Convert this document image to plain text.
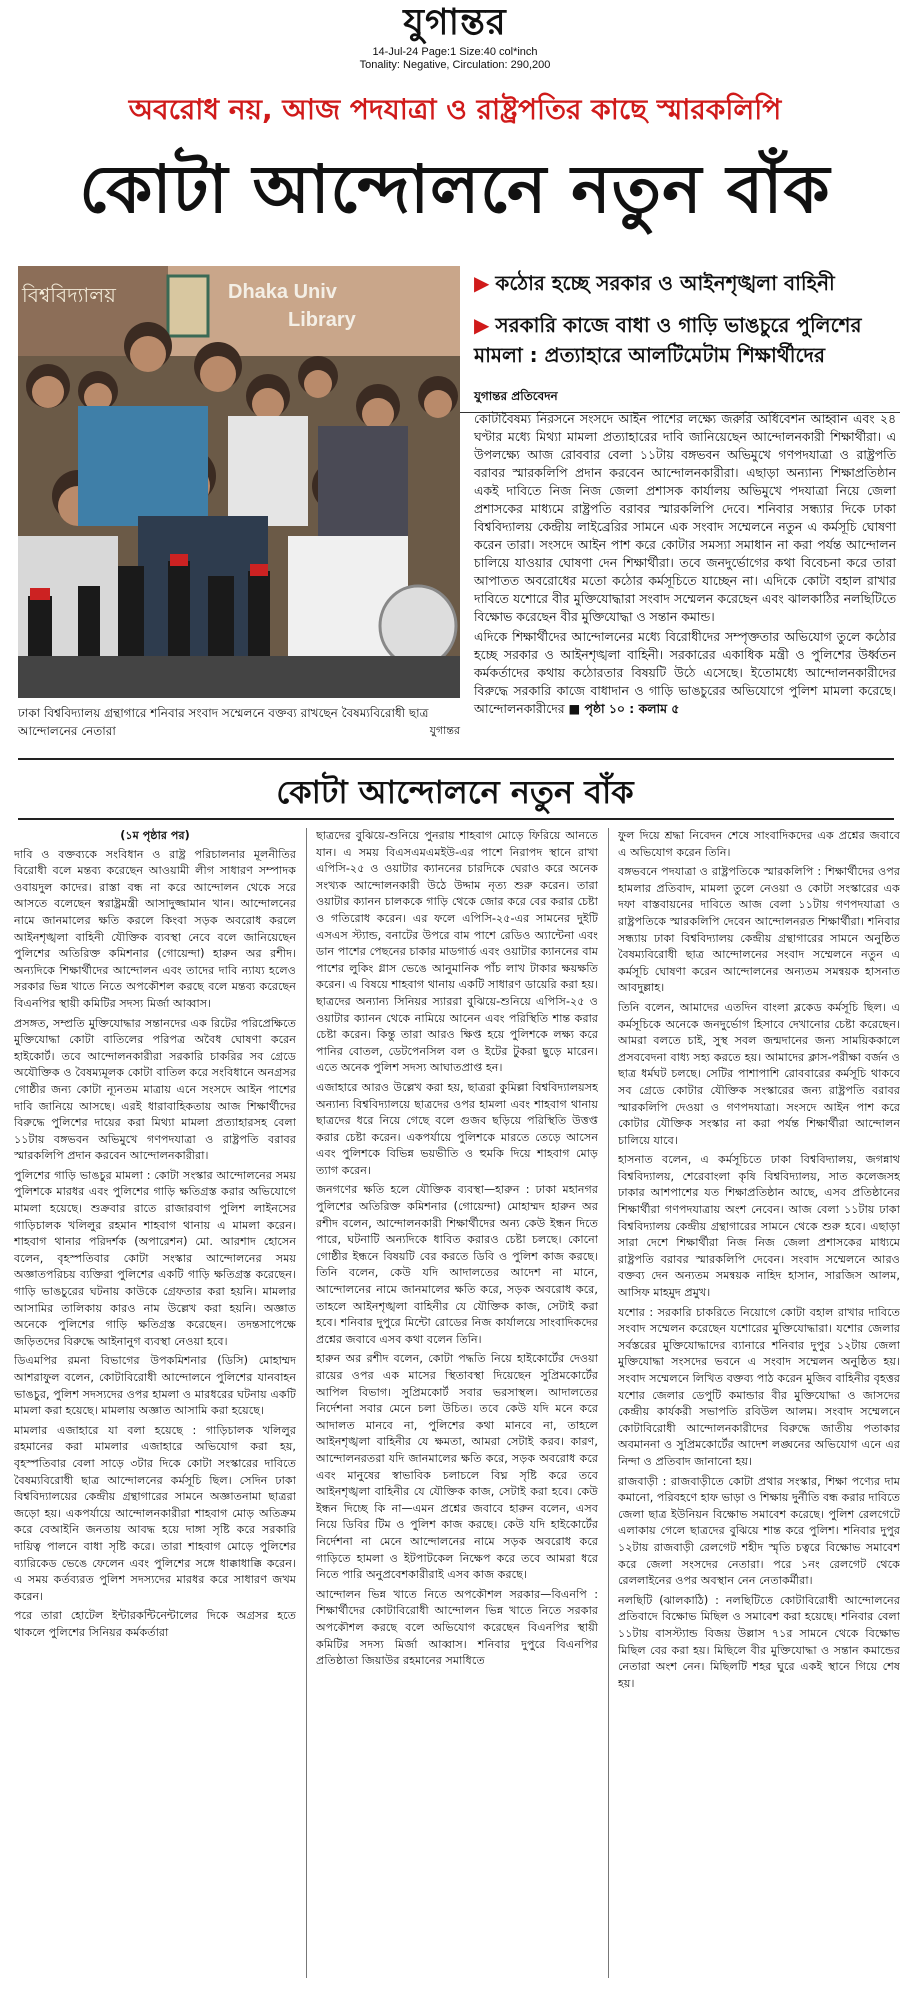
যুগান্তর
14-Jul-24 Page:1 Size:40 col*inch
Tonality: Negative, Circulation: 290,200
অবরোধ নয়, আজ পদযাত্রা ও রাষ্ট্রপতির কাছে স্মারকলিপি
কোটা আন্দোলনে নতুন বাঁক
বিশ্ববিদ্যালয়	Dhaka Univ
Library
ঢাকা বিশ্ববিদ্যালয় গ্রন্থাগারে শনিবার সংবাদ সম্মেলনে বক্তব্য রাখছেন বৈষম্যবিরোধী ছাত্র আন্দোলনের নেতারা	যুগান্তর
▶ কঠোর হচ্ছে সরকার ও আইনশৃঙ্খলা বাহিনী
▶ সরকারি কাজে বাধা ও গাড়ি ভাঙচুরে পুলিশের মামলা : প্রত্যাহারে আলটিমেটাম শিক্ষার্থীদের
যুগান্তর প্রতিবেদন

কোটাবৈষম্য নিরসনে সংসদে আইন পাশের লক্ষ্যে জরুরি অধিবেশন আহ্বান এবং ২৪ ঘণ্টার মধ্যে মিথ্যা মামলা প্রত্যাহারের দাবি জানিয়েছেন আন্দোলনকারী শিক্ষার্থীরা। এ উপলক্ষ্যে আজ রোববার বেলা ১১টায় বঙ্গভবন অভিমুখে গণপদযাত্রা ও রাষ্ট্রপতি বরাবর স্মারকলিপি প্রদান করবেন আন্দোলনকারীরা। এছাড়া অন্যান্য শিক্ষাপ্রতিষ্ঠান একই দাবিতে নিজ নিজ জেলা প্রশাসক কার্যালয় অভিমুখে পদযাত্রা নিয়ে জেলা প্রশাসকের মাধ্যমে রাষ্ট্রপতি বরাবর স্মারকলিপি দেবে। শনিবার সন্ধ্যার দিকে ঢাকা বিশ্ববিদ্যালয় কেন্দ্রীয় লাইব্রেরির সামনে এক সংবাদ সম্মেলনে নতুন এ কর্মসূচি ঘোষণা করেন তারা। সংসদে আইন পাশ করে কোটার সমস্যা সমাধান না করা পর্যন্ত আন্দোলন চালিয়ে যাওয়ার ঘোষণা দেন শিক্ষার্থীরা। তবে জনদুর্ভোগের কথা বিবেচনা করে তারা আপাতত অবরোধের মতো কঠোর কর্মসূচিতে যাচ্ছেন না। এদিকে কোটা বহাল রাখার দাবিতে যশোরে বীর মুক্তিযোদ্ধারা সংবাদ সম্মেলন করেছেন এবং ঝালকাঠির নলছিটিতে বিক্ষোভ করেছেন বীর মুক্তিযোদ্ধা ও সন্তান কমান্ড।

এদিকে শিক্ষার্থীদের আন্দোলনের মধ্যে বিরোধীদের সম্পৃক্ততার অভিযোগ তুলে কঠোর হচ্ছে সরকার ও আইনশৃঙ্খলা বাহিনী। সরকারের একাধিক মন্ত্রী ও পুলিশের উর্ধ্বতন কর্মকর্তাদের কথায় কঠোরতার বিষয়টি উঠে এসেছে। ইতোমধ্যে আন্দোলনকারীদের বিরুদ্ধে সরকারি কাজে বাধাদান ও গাড়ি ভাঙচুরের অভিযোগে পুলিশ মামলা করেছে। আন্দোলনকারীদের ■ পৃষ্ঠা ১০ : কলাম ৫

কোটা আন্দোলনে নতুন বাঁক
(১ম পৃষ্ঠার পর)

দাবি ও বক্তব্যকে সংবিধান ও রাষ্ট্র পরিচালনার মূলনীতির বিরোধী বলে মন্তব্য করেছেন আওয়ামী লীগ সাধারণ সম্পাদক ওবায়দুল কাদের। রাস্তা বন্ধ না করে আন্দোলন থেকে সরে আসতে বলেছেন স্বরাষ্ট্রমন্ত্রী আসাদুজ্জামান খান। আন্দোলনের নামে জানমালের ক্ষতি করলে কিংবা সড়ক অবরোধ করলে আইনশৃঙ্খলা বাহিনী যৌক্তিক ব্যবস্থা নেবে বলে জানিয়েছেন পুলিশের অতিরিক্ত কমিশনার (গোয়েন্দা) হারুন অর রশীদ। অন্যদিকে শিক্ষার্থীদের আন্দোলন এবং তাদের দাবি ন্যায্য হলেও সরকার ভিন্ন খাতে নিতে অপকৌশল করছে বলে মন্তব্য করেছেন বিএনপির স্থায়ী কমিটির সদস্য মির্জা আব্বাস।

প্রসঙ্গত, সম্প্রতি মুক্তিযোদ্ধার সন্তানদের এক রিটের পরিপ্রেক্ষিতে মুক্তিযোদ্ধা কোটা বাতিলের পরিপত্র অবৈধ ঘোষণা করেন হাইকোর্ট। তবে আন্দোলনকারীরা সরকারি চাকরির সব গ্রেডে অযৌক্তিক ও বৈষম্যমূলক কোটা বাতিল করে সংবিধানে অনগ্রসর গোষ্ঠীর জন্য কোটা ন্যূনতম মাত্রায় এনে সংসদে আইন পাশের দাবি জানিয়ে আসছে। এরই ধারাবাহিকতায় আজ শিক্ষার্থীদের বিরুদ্ধে পুলিশের দায়ের করা মিথ্যা মামলা প্রত্যাহারসহ বেলা ১১টায় বঙ্গভবন অভিমুখে গণপদযাত্রা ও রাষ্ট্রপতি বরাবর স্মারকলিপি প্রদান করবেন আন্দোলনকারীরা।

পুলিশের গাড়ি ভাঙচুর মামলা : কোটা সংস্কার আন্দোলনের সময় পুলিশকে মারধর এবং পুলিশের গাড়ি ক্ষতিগ্রস্ত করার অভিযোগে মামলা হয়েছে। শুক্রবার রাতে রাজারবাগ পুলিশ লাইনসের গাড়িচালক খলিলুর রহমান শাহবাগ থানায় এ মামলা করেন। শাহবাগ থানার পরিদর্শক (অপারেশন) মো. আরশাদ হোসেন বলেন, বৃহস্পতিবার কোটা সংস্কার আন্দোলনের সময় অজ্ঞাতপরিচয় ব্যক্তিরা পুলিশের একটি গাড়ি ক্ষতিগ্রস্ত করেছেন। গাড়ি ভাঙচুরের ঘটনায় কাউকে গ্রেফতার করা হয়নি। মামলার আসামির তালিকায় কারও নাম উল্লেখ করা হয়নি। অজ্ঞাত অনেকে পুলিশের গাড়ি ক্ষতিগ্রস্ত করেছেন। তদন্তসাপেক্ষে জড়িতদের বিরুদ্ধে আইনানুগ ব্যবস্থা নেওয়া হবে।

ডিএমপির রমনা বিভাগের উপকমিশনার (ডিসি) মোহাম্মদ আশরাফুল বলেন, কোটাবিরোধী আন্দোলনে পুলিশের যানবাহন ভাঙচুর, পুলিশ সদস্যদের ওপর হামলা ও মারধরের ঘটনায় একটি মামলা করা হয়েছে। মামলায় অজ্ঞাত আসামি করা হয়েছে।

মামলার এজাহারে যা বলা হয়েছে : গাড়িচালক খলিলুর রহমানের করা মামলার এজাহারে অভিযোগ করা হয়, বৃহস্পতিবার বেলা সাড়ে ৩টার দিকে কোটা সংস্কারের দাবিতে বৈষম্যবিরোধী ছাত্র আন্দোলনের কর্মসূচি ছিল। সেদিন ঢাকা বিশ্ববিদ্যালয়ের কেন্দ্রীয় গ্রন্থাগারের সামনে অজ্ঞাতনামা ছাত্ররা জড়ো হয়। একপর্যায়ে আন্দোলনকারীরা শাহবাগ মোড় অতিক্রম করে বেআইনি জনতায় আবদ্ধ হয়ে দাঙ্গা সৃষ্টি করে সরকারি দায়িত্ব পালনে বাধা সৃষ্টি করে। তারা শাহবাগ মোড়ে পুলিশের ব্যারিকেড ভেঙে ফেলেন এবং পুলিশের সঙ্গে ধাক্কাধাক্কি করেন। এ সময় কর্তব্যরত পুলিশ সদস্যদের মারধর করে সাধারণ জখম করেন।

পরে তারা হোটেল ইন্টারকন্টিনেন্টালের দিকে অগ্রসর হতে থাকলে পুলিশের সিনিয়র কর্মকর্তারা

ছাত্রদের বুঝিয়ে-শুনিয়ে পুনরায় শাহবাগ মোড়ে ফিরিয়ে আনতে যান। এ সময় বিএসএমএমইউ-এর পাশে নিরাপদ স্থানে রাখা এপিসি-২৫ ও ওয়াটার ক্যাননের চারদিকে ঘেরাও করে অনেক সংখ্যক আন্দোলনকারী উঠে উদ্দাম নৃত্য শুরু করেন। তারা ওয়াটার ক্যানন চালককে গাড়ি থেকে জোর করে বের করার চেষ্টা ও গতিরোধ করেন। এর ফলে এপিসি-২৫-এর সামনের দুইটি এসএস স্ট্যান্ড, বনাটের উপরে বাম পাশে রেডিও অ্যান্টেনা এবং ডান পাশের পেছনের চাকার মাডগার্ড এবং ওয়াটার ক্যাননের বাম পাশের লুকিং গ্লাস ভেঙে আনুমানিক পাঁচ লাখ টাকার ক্ষয়ক্ষতি করেন। এ বিষয়ে শাহবাগ থানায় একটি সাধারণ ডায়েরি করা হয়। ছাত্রদের অন্যান্য সিনিয়র স্যাররা বুঝিয়ে-শুনিয়ে এপিসি-২৫ ও ওয়াটার ক্যানন থেকে নামিয়ে আনেন এবং পরিস্থিতি শান্ত করার চেষ্টা করেন। কিন্তু তারা আরও ক্ষিপ্ত হয়ে পুলিশকে লক্ষ্য করে পানির বোতল, ডেটপেনসিল বল ও ইটের টুকরা ছুড়ে মারেন। এতে অনেক পুলিশ সদস্য আঘাতপ্রাপ্ত হন।

এজাহারে আরও উল্লেখ করা হয়, ছাত্ররা কুমিল্লা বিশ্ববিদ্যালয়সহ অন্যান্য বিশ্ববিদ্যালয়ে ছাত্রদের ওপর হামলা এবং শাহবাগ থানায় ছাত্রদের ধরে নিয়ে গেছে বলে গুজব ছড়িয়ে পরিস্থিতি উত্তপ্ত করার চেষ্টা করেন। একপর্যায়ে পুলিশকে মারতে তেড়ে আসেন এবং পুলিশকে বিভিন্ন ভয়ভীতি ও হুমকি দিয়ে শাহবাগ মোড় ত্যাগ করেন।

জনগণের ক্ষতি হলে যৌক্তিক ব্যবস্থা—হারুন : ঢাকা মহানগর পুলিশের অতিরিক্ত কমিশনার (গোয়েন্দা) মোহাম্মদ হারুন অর রশীদ বলেন, আন্দোলনকারী শিক্ষার্থীদের অন্য কেউ ইন্ধন দিতে পারে, ঘটনাটি অন্যদিকে ধাবিত করারও চেষ্টা চলছে। কোনো গোষ্ঠীর ইন্ধনে বিষয়টি বের করতে ডিবি ও পুলিশ কাজ করছে। তিনি বলেন, কেউ যদি আদালতের আদেশ না মানে, আন্দোলনের নামে জানমালের ক্ষতি করে, সড়ক অবরোধ করে, তাহলে আইনশৃঙ্খলা বাহিনীর যে যৌক্তিক কাজ, সেটাই করা হবে। শনিবার দুপুরে মিন্টো রোডের নিজ কার্যালয়ে সাংবাদিকদের প্রশ্নের জবাবে এসব কথা বলেন তিনি।

হারুন অর রশীদ বলেন, কোটা পদ্ধতি নিয়ে হাইকোর্টের দেওয়া রায়ের ওপর এক মাসের স্থিতাবস্থা দিয়েছেন সুপ্রিমকোর্টের আপিল বিভাগ। সুপ্রিমকোর্ট সবার ভরসাস্থল। আদালতের নির্দেশনা সবার মেনে চলা উচিত। তবে কেউ যদি মনে করে আদালত মানবে না, পুলিশের কথা মানবে না, তাহলে আইনশৃঙ্খলা বাহিনীর যে ক্ষমতা, আমরা সেটাই করব। কারণ, আন্দোলনরতরা যদি জানমালের ক্ষতি করে, সড়ক অবরোধ করে এবং মানুষের স্বাভাবিক চলাচলে বিঘ্ন সৃষ্টি করে তবে আইনশৃঙ্খলা বাহিনীর যে যৌক্তিক কাজ, সেটাই করা হবে। কেউ ইন্ধন দিচ্ছে কি না—এমন প্রশ্নের জবাবে হারুন বলেন, এসব নিয়ে ডিবির টিম ও পুলিশ কাজ করছে। কেউ যদি হাইকোর্টের নির্দেশনা না মেনে আন্দোলনের নামে সড়ক অবরোধ করে গাড়িতে হামলা ও ইটপাটকেল নিক্ষেপ করে তবে আমরা ধরে নিতে পারি অনুপ্রবেশকারীরাই এসব কাজ করছে।

আন্দোলন ভিন্ন খাতে নিতে অপকৌশল সরকার—বিএনপি : শিক্ষার্থীদের কোটাবিরোধী আন্দোলন ভিন্ন খাতে নিতে সরকার অপকৌশল করছে বলে অভিযোগ করেছেন বিএনপির স্থায়ী কমিটির সদস্য মির্জা আব্বাস। শনিবার দুপুরে বিএনপির প্রতিষ্ঠাতা জিয়াউর রহমানের সমাধিতে

ফুল দিয়ে শ্রদ্ধা নিবেদন শেষে সাংবাদিকদের এক প্রশ্নের জবাবে এ অভিযোগ করেন তিনি।

বঙ্গভবনে পদযাত্রা ও রাষ্ট্রপতিকে স্মারকলিপি : শিক্ষার্থীদের ওপর হামলার প্রতিবাদ, মামলা তুলে নেওয়া ও কোটা সংস্কারের এক দফা বাস্তবায়নের দাবিতে আজ বেলা ১১টায় গণপদযাত্রা ও রাষ্ট্রপতিকে স্মারকলিপি দেবেন আন্দোলনরত শিক্ষার্থীরা। শনিবার সন্ধ্যায় ঢাকা বিশ্ববিদ্যালয় কেন্দ্রীয় গ্রন্থাগারের সামনে অনুষ্ঠিত বৈষম্যবিরোধী ছাত্র আন্দোলনের সংবাদ সম্মেলনে নতুন এ কর্মসূচি ঘোষণা করেন আন্দোলনের অন্যতম সমন্বয়ক হাসনাত আবদুল্লাহ।

তিনি বলেন, আমাদের এতদিন বাংলা ব্লকেড কর্মসূচি ছিল। এ কর্মসূচিকে অনেকে জনদুর্ভোগ হিসাবে দেখানোর চেষ্টা করেছেন। আমরা বলতে চাই, সুস্থ সবল জন্মদানের জন্য সাময়িককালে প্রসববেদনা বাধ্য সহ্য করতে হয়। আমাদের ক্লাস-পরীক্ষা বর্জন ও ছাত্র ধর্মঘট চলছে। সেটির পাশাপাশি রোববারের কর্মসূচি থাকবে সব গ্রেডে কোটার যৌক্তিক সংস্কারের জন্য রাষ্ট্রপতি বরাবর স্মারকলিপি দেওয়া ও গণপদযাত্রা। সংসদে আইন পাশ করে কোটার যৌক্তিক সংস্কার না করা পর্যন্ত শিক্ষার্থীরা আন্দোলন চালিয়ে যাবে।

হাসনাত বলেন, এ কর্মসূচিতে ঢাকা বিশ্ববিদ্যালয়, জগন্নাথ বিশ্ববিদ্যালয়, শেরেবাংলা কৃষি বিশ্ববিদ্যালয়, সাত কলেজসহ ঢাকার আশপাশের যত শিক্ষাপ্রতিষ্ঠান আছে, এসব প্রতিষ্ঠানের শিক্ষার্থীরা গণপদযাত্রায় অংশ নেবেন। আজ বেলা ১১টায় ঢাকা বিশ্ববিদ্যালয় কেন্দ্রীয় গ্রন্থাগারের সামনে থেকে শুরু হবে। এছাড়া সারা দেশে শিক্ষার্থীরা নিজ নিজ জেলা প্রশাসকের মাধ্যমে রাষ্ট্রপতি বরাবর স্মারকলিপি দেবেন। সংবাদ সম্মেলনে আরও বক্তব্য দেন অন্যতম সমন্বয়ক নাহিদ হাসান, সারজিস আলম, আসিফ মাহমুদ প্রমুখ।

যশোর : সরকারি চাকরিতে নিয়োগে কোটা বহাল রাখার দাবিতে সংবাদ সম্মেলন করেছেন যশোরের মুক্তিযোদ্ধারা। যশোর জেলার সর্বস্তরের মুক্তিযোদ্ধাদের ব্যানারে শনিবার দুপুর ১২টায় জেলা মুক্তিযোদ্ধা সংসদের ভবনে এ সংবাদ সম্মেলন অনুষ্ঠিত হয়। সংবাদ সম্মেলনে লিখিত বক্তব্য পাঠ করেন মুজিব বাহিনীর বৃহত্তর যশোর জেলার ডেপুটি কমান্ডার বীর মুক্তিযোদ্ধা ও জাসদের কেন্দ্রীয় কার্যকরী সভাপতি রবিউল আলম। সংবাদ সম্মেলনে কোটাবিরোধী আন্দোলনকারীদের বিরুদ্ধে জাতীয় পতাকার অবমাননা ও সুপ্রিমকোর্টের আদেশ লঙ্ঘনের অভিযোগ এনে এর নিন্দা ও প্রতিবাদ জানানো হয়।

রাজবাড়ী : রাজবাড়ীতে কোটা প্রথার সংস্কার, শিক্ষা পণ্যের দাম কমানো, পরিবহণে হাফ ভাড়া ও শিক্ষায় দুর্নীতি বন্ধ করার দাবিতে জেলা ছাত্র ইউনিয়ন বিক্ষোভ সমাবেশ করেছে। পুলিশ রেলগেটে এলাকায় গেলে ছাত্রদের বুঝিয়ে শান্ত করে পুলিশ। শনিবার দুপুর ১২টায় রাজবাড়ী রেলগেট শহীদ স্মৃতি চত্বরে বিক্ষোভ সমাবেশ করে জেলা সংসদের নেতারা। পরে ১নং রেলগেট থেকে রেললাইনের ওপর অবস্থান নেন নেতাকর্মীরা।

নলছিটি (ঝালকাঠি) : নলছিটিতে কোটাবিরোধী আন্দোলনের প্রতিবাদে বিক্ষোভ মিছিল ও সমাবেশ করা হয়েছে। শনিবার বেলা ১১টায় বাসস্ট্যান্ড বিজয় উল্লাস ৭১র সামনে থেকে বিক্ষোভ মিছিল বের করা হয়। মিছিলে বীর মুক্তিযোদ্ধা ও সন্তান কমান্ডের নেতারা অংশ নেন। মিছিলটি শহর ঘুরে একই স্থানে গিয়ে শেষ হয়।
